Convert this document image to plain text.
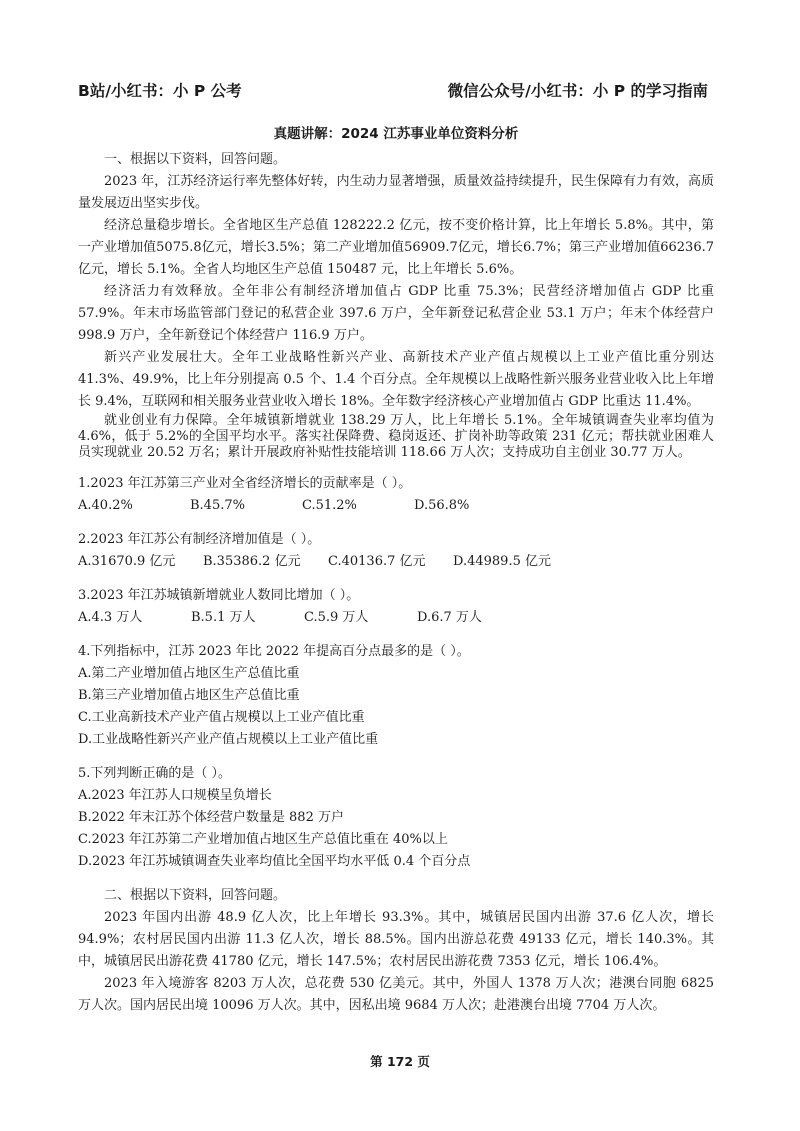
B站/小红书：小 P 公考	微信公众号/小红书：小 P 的学习指南

真题讲解：2024 江苏事业单位资料分析

一、根据以下资料，回答问题。

2023 年，江苏经济运行率先整体好转，内生动力显著增强，质量效益持续提升，民生保障有力有效，高质量发展迈出坚实步伐。

经济总量稳步增长。全省地区生产总值 128222.2 亿元，按不变价格计算，比上年增长 5.8%。其中，第一产业增加值5075.8亿元，增长3.5%；第二产业增加值56909.7亿元，增长6.7%；第三产业增加值66236.7亿元，增长 5.1%。全省人均地区生产总值 150487 元，比上年增长 5.6%。

经济活力有效释放。全年非公有制经济增加值占 GDP 比重 75.3%；民营经济增加值占 GDP 比重 57.9%。年末市场监管部门登记的私营企业 397.6 万户，全年新登记私营企业 53.1 万户；年末个体经营户 998.9 万户，全年新登记个体经营户 116.9 万户。

新兴产业发展壮大。全年工业战略性新兴产业、高新技术产业产值占规模以上工业产值比重分别达 41.3%、49.9%，比上年分别提高 0.5 个、1.4 个百分点。全年规模以上战略性新兴服务业营业收入比上年增长 9.4%，互联网和相关服务业营业收入增长 18%。全年数字经济核心产业增加值占 GDP 比重达 11.4%。

就业创业有力保障。全年城镇新增就业 138.29 万人，比上年增长 5.1%。全年城镇调查失业率均值为 4.6%，低于 5.2%的全国平均水平。落实社保降费、稳岗返还、扩岗补助等政策 231 亿元；帮扶就业困难人员实现就业 20.52 万名；累计开展政府补贴性技能培训 118.66 万人次；支持成功自主创业 30.77 万人。

1.2023 年江苏第三产业对全省经济增长的贡献率是（ ）。

A.40.2%	B.45.7%	C.51.2%	D.56.8%

2.2023 年江苏公有制经济增加值是（ ）。

A.31670.9 亿元	B.35386.2 亿元	C.40136.7 亿元	D.44989.5 亿元

3.2023 年江苏城镇新增就业人数同比增加（ ）。

A.4.3 万人	B.5.1 万人	C.5.9 万人	D.6.7 万人

4.下列指标中，江苏 2023 年比 2022 年提高百分点最多的是（ ）。

A.第二产业增加值占地区生产总值比重

B.第三产业增加值占地区生产总值比重

C.工业高新技术产业产值占规模以上工业产值比重

D.工业战略性新兴产业产值占规模以上工业产值比重

5.下列判断正确的是（ ）。

A.2023 年江苏人口规模呈负增长

B.2022 年末江苏个体经营户数量是 882 万户

C.2023 年江苏第二产业增加值占地区生产总值比重在 40%以上

D.2023 年江苏城镇调查失业率均值比全国平均水平低 0.4 个百分点

二、根据以下资料，回答问题。

2023 年国内出游 48.9 亿人次，比上年增长 93.3%。其中，城镇居民国内出游 37.6 亿人次，增长 94.9%；农村居民国内出游 11.3 亿人次，增长 88.5%。国内出游总花费 49133 亿元，增长 140.3%。其中，城镇居民出游花费 41780 亿元，增长 147.5%；农村居民出游花费 7353 亿元，增长 106.4%。

2023 年入境游客 8203 万人次，总花费 530 亿美元。其中，外国人 1378 万人次；港澳台同胞 6825 万人次。国内居民出境 10096 万人次。其中，因私出境 9684 万人次；赴港澳台出境 7704 万人次。

第 172 页
